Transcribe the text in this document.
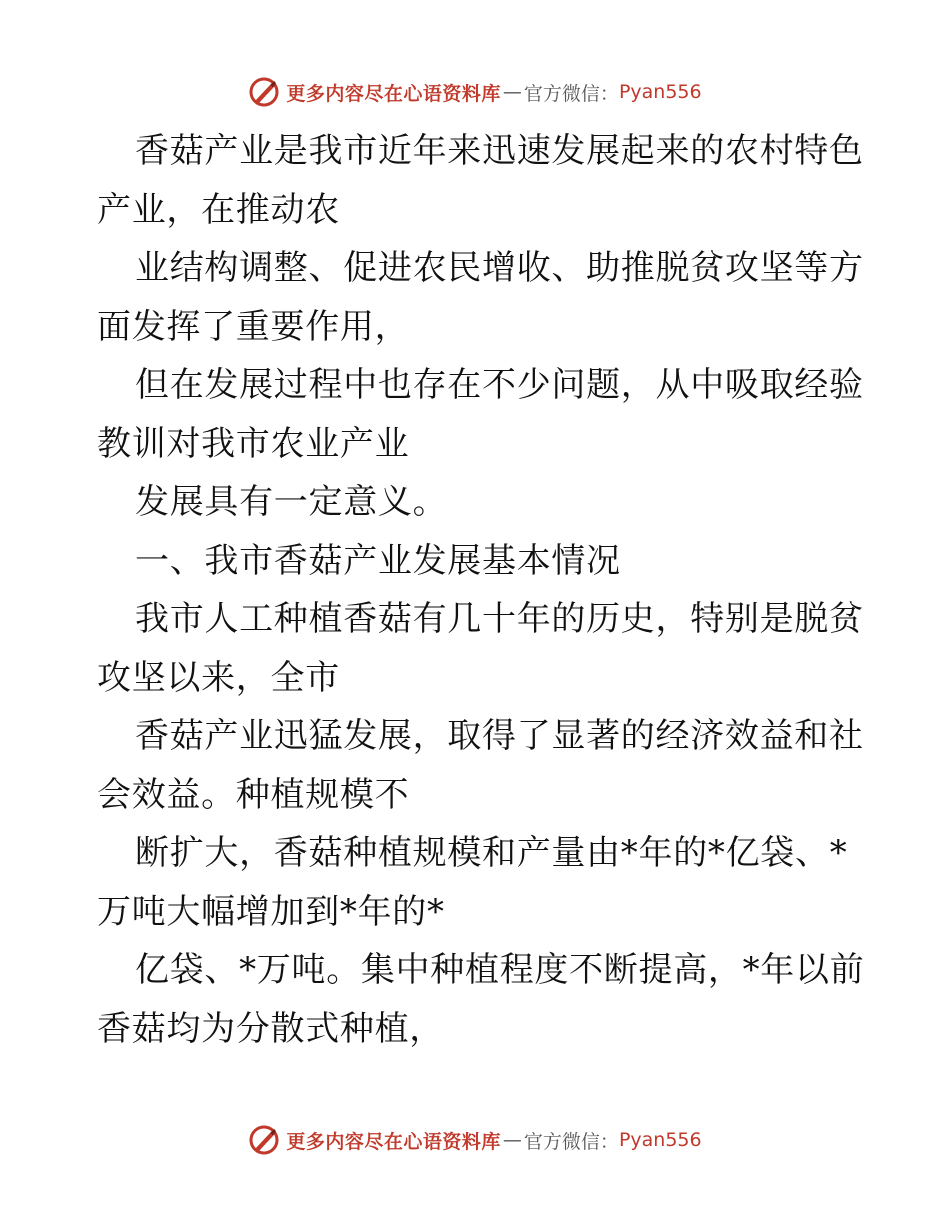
更多内容尽在心语资料库 — 官方微信： Pyan556
香菇产业是我市近年来迅速发展起来的农村特色
产业，在推动农
业结构调整、促进农民增收、助推脱贫攻坚等方
面发挥了重要作用，
但在发展过程中也存在不少问题，从中吸取经验
教训对我市农业产业
发展具有一定意义。
一、我市香菇产业发展基本情况
我市人工种植香菇有几十年的历史，特别是脱贫
攻坚以来，全市
香菇产业迅猛发展，取得了显著的经济效益和社
会效益。种植规模不
断扩大，香菇种植规模和产量由*年的*亿袋、*
万吨大幅增加到*年的*
亿袋、*万吨。集中种植程度不断提高，*年以前
香菇均为分散式种植，
更多内容尽在心语资料库 — 官方微信： Pyan556
